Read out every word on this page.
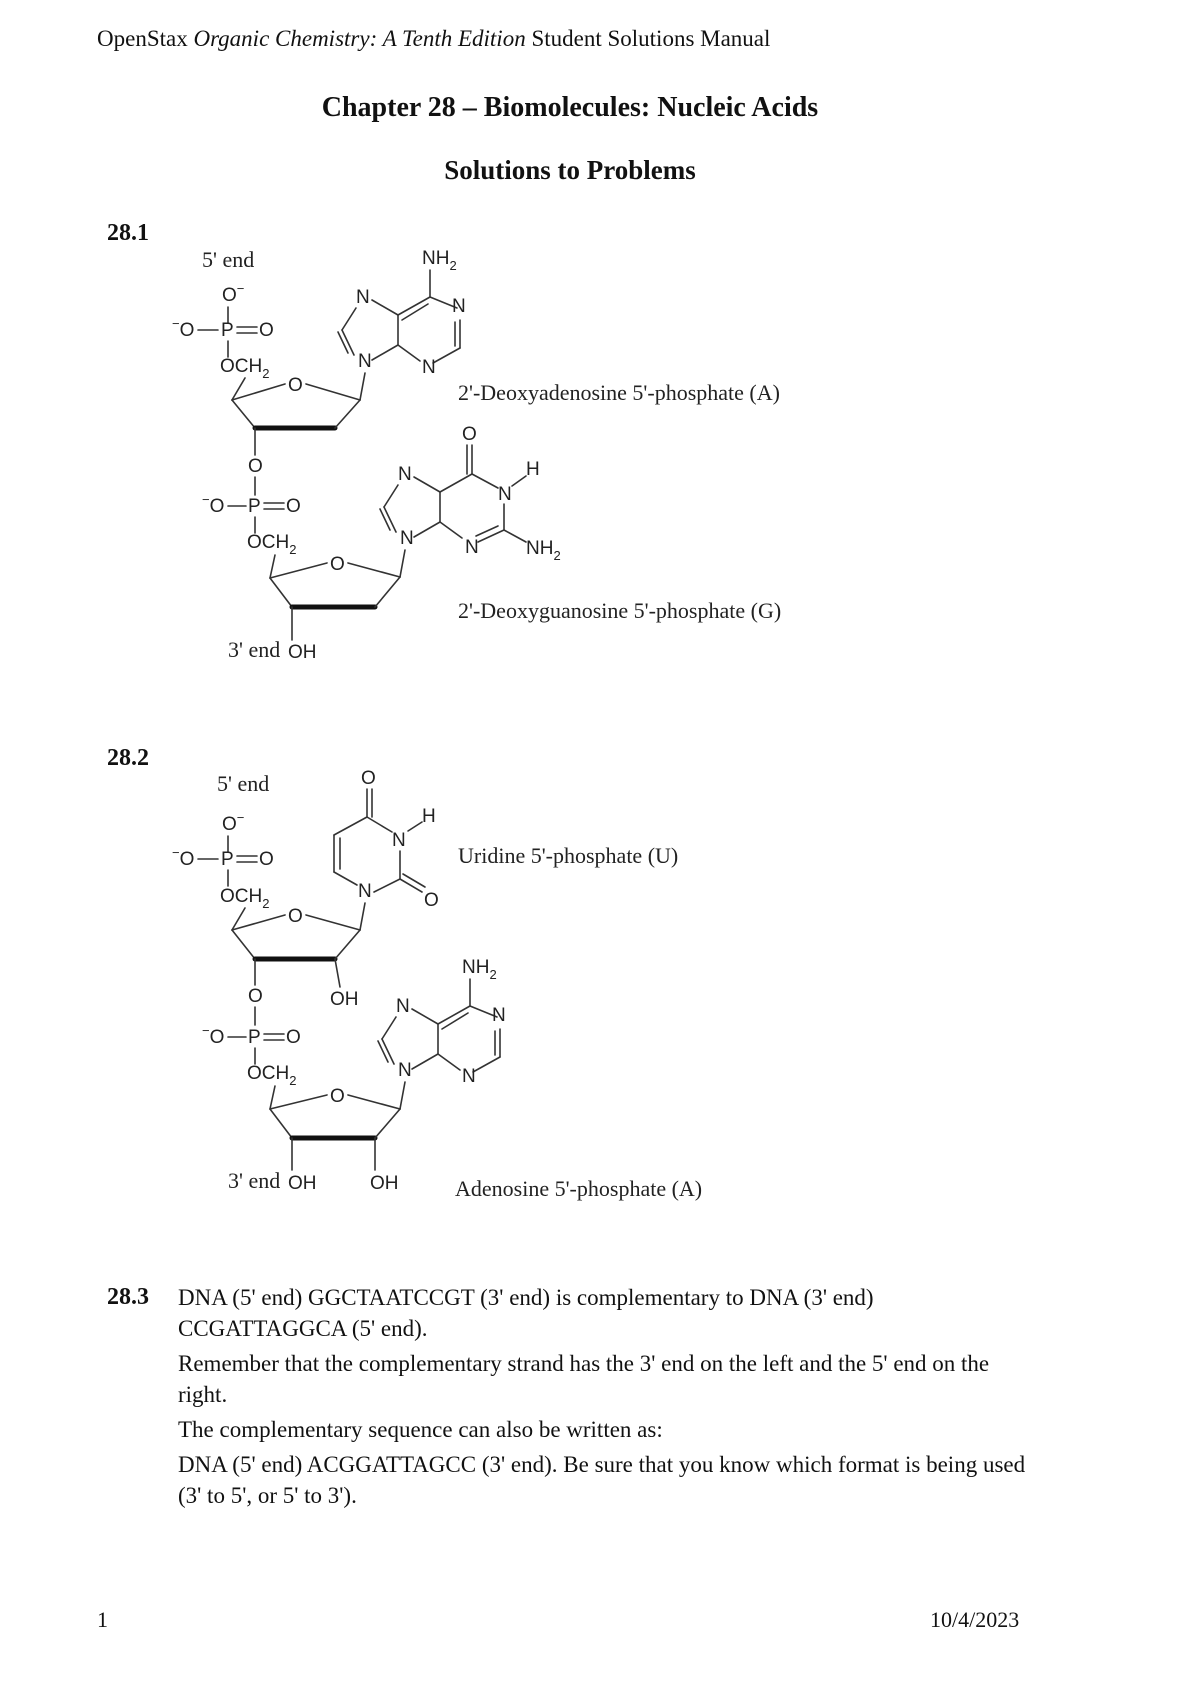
OpenStax Organic Chemistry: A Tenth Edition Student Solutions Manual
Chapter 28 – Biomolecules: Nucleic Acids
Solutions to Problems
28.1
5' end
O−
−O P O
$OCH_2$
O
N
N	N
N
$NH_2$
2'-Deoxyadenosine 5'-phosphate (A)
O
−O P O
$OCH_2$
O
OH
3' end
N
N
O
N
H
N $NH_2$
2'-Deoxyguanosine 5'-phosphate (G)
28.2
5' end
O−
−O P O
$OCH_2$
O
OH
N
O
N
H
O
Uridine 5'-phosphate (U)
O
−O P O
$OCH_2$
O
OH	OH
3' end
N
N	N
N
$NH_2$
Adenosine 5'-phosphate (A)
28.3 DNA (5' end) GGCTAATCCGT (3' end) is complementary to DNA (3' end) CCGATTAGGCA (5' end).

Remember that the complementary strand has the 3' end on the left and the 5' end on the right.

The complementary sequence can also be written as:

DNA (5' end) ACGGATTAGCC (3' end). Be sure that you know which format is being used (3' to 5', or 5' to 3').

1	10/4/2023
